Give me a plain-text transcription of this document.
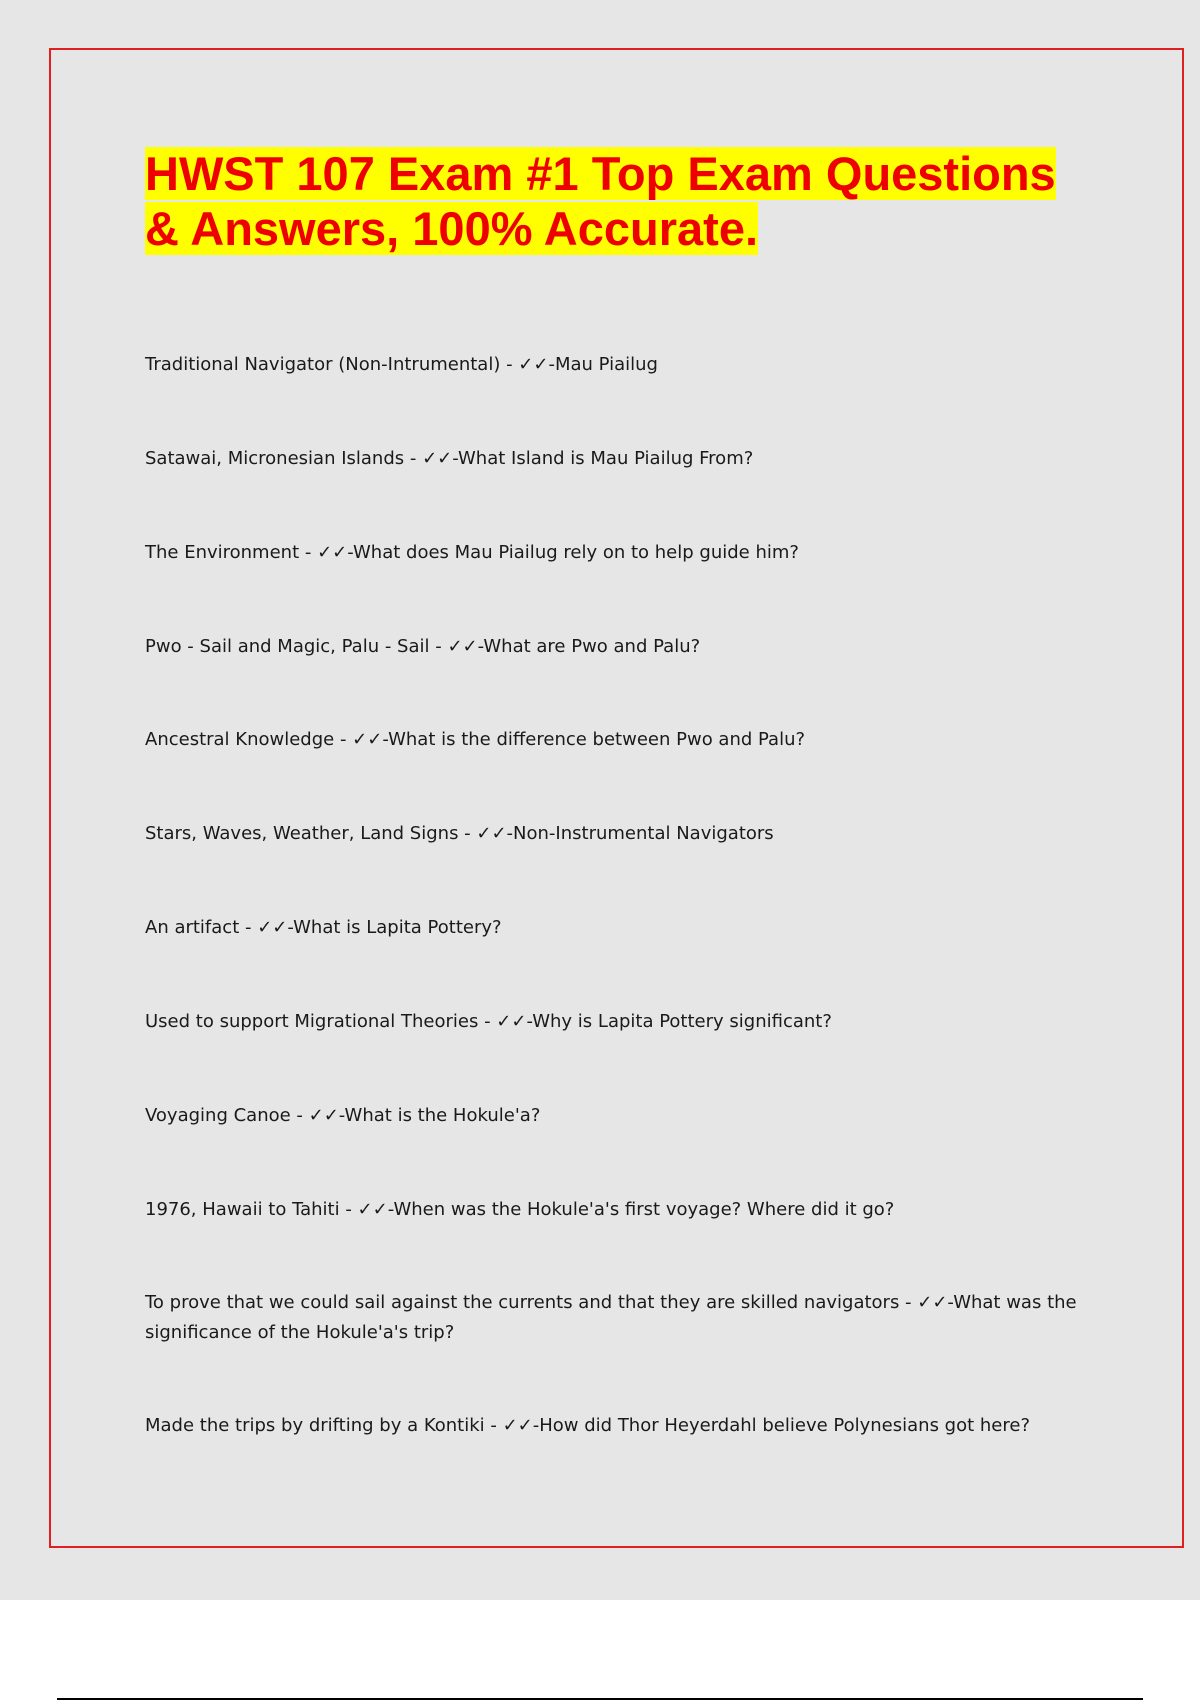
HWST 107 Exam #1 Top Exam Questions & Answers, 100% Accurate.
Traditional Navigator (Non-Intrumental) - ✓✓-Mau Piailug
Satawai, Micronesian Islands - ✓✓-What Island is Mau Piailug From?
The Environment - ✓✓-What does Mau Piailug rely on to help guide him?
Pwo - Sail and Magic, Palu - Sail - ✓✓-What are Pwo and Palu?
Ancestral Knowledge - ✓✓-What is the difference between Pwo and Palu?
Stars, Waves, Weather, Land Signs - ✓✓-Non-Instrumental Navigators
An artifact - ✓✓-What is Lapita Pottery?
Used to support Migrational Theories - ✓✓-Why is Lapita Pottery significant?
Voyaging Canoe - ✓✓-What is the Hokule'a?
1976, Hawaii to Tahiti - ✓✓-When was the Hokule'a's first voyage? Where did it go?
To prove that we could sail against the currents and that they are skilled navigators - ✓✓-What was the significance of the Hokule'a's trip?
Made the trips by drifting by a Kontiki - ✓✓-How did Thor Heyerdahl believe Polynesians got here?
